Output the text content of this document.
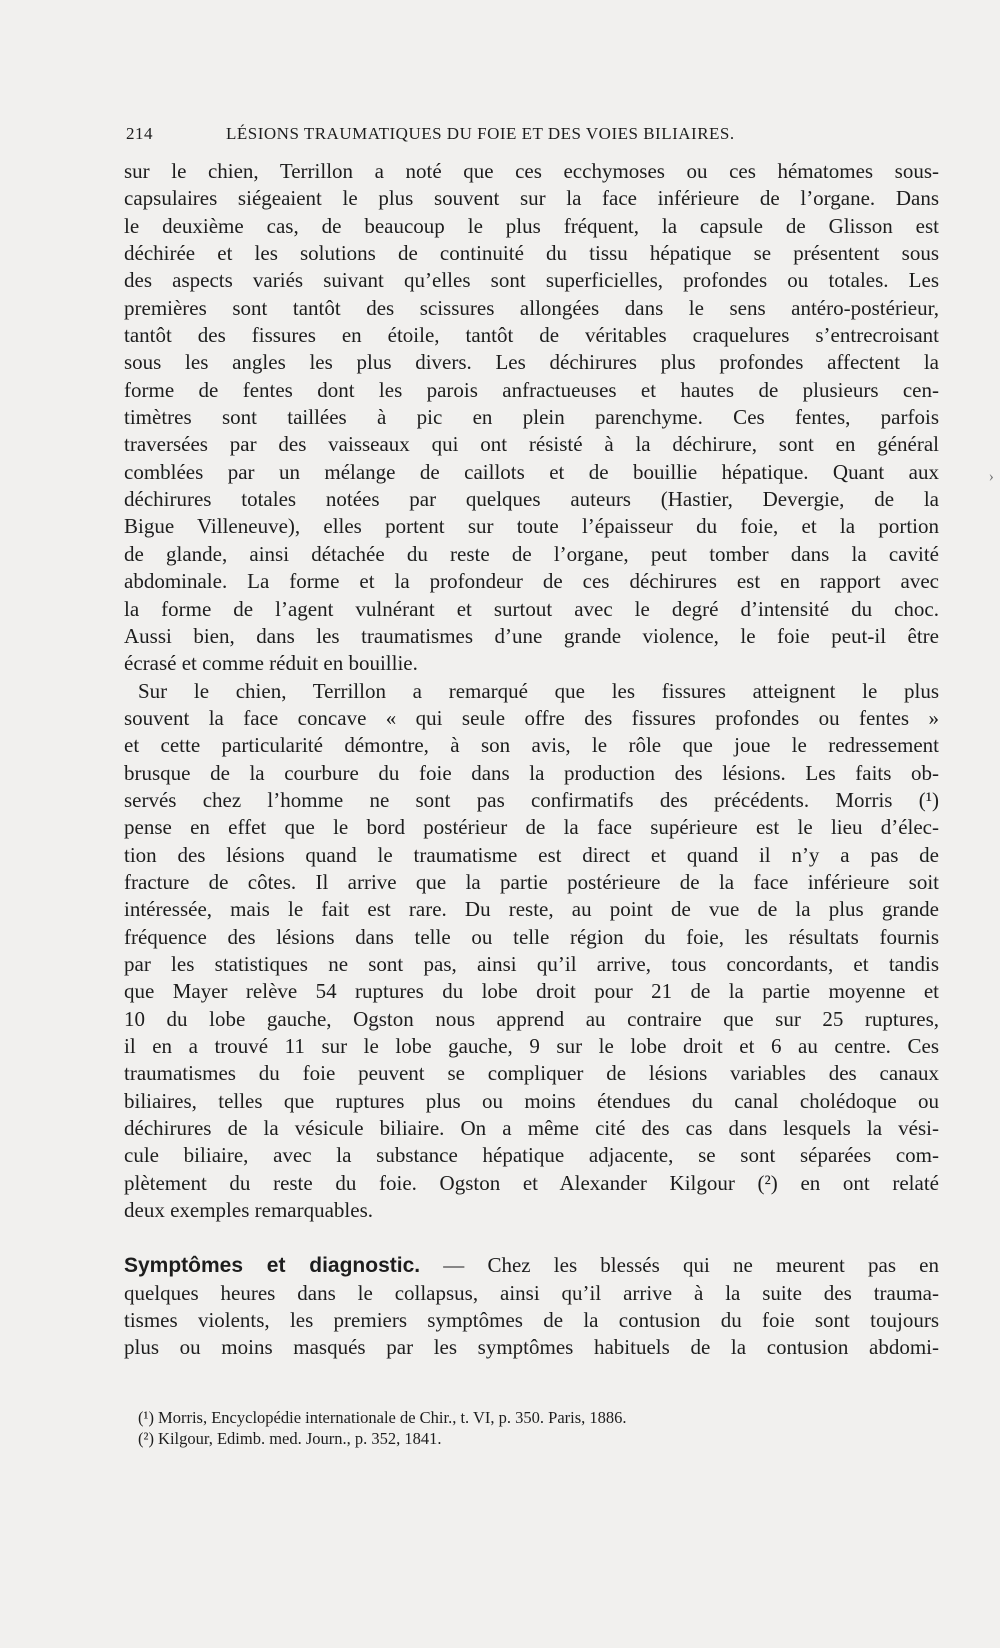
214	LÉSIONS TRAUMATIQUES DU FOIE ET DES VOIES BILIAIRES.
sur le chien, Terrillon a noté que ces ecchymoses ou ces hématomes sous-
capsulaires siégeaient le plus souvent sur la face inférieure de l’organe. Dans
le deuxième cas, de beaucoup le plus fréquent, la capsule de Glisson est
déchirée et les solutions de continuité du tissu hépatique se présentent sous
des aspects variés suivant qu’elles sont superficielles, profondes ou totales. Les
premières sont tantôt des scissures allongées dans le sens antéro-postérieur,
tantôt des fissures en étoile, tantôt de véritables craquelures s’entrecroisant
sous les angles les plus divers. Les déchirures plus profondes affectent la
forme de fentes dont les parois anfractueuses et hautes de plusieurs cen-
timètres sont taillées à pic en plein parenchyme. Ces fentes, parfois
traversées par des vaisseaux qui ont résisté à la déchirure, sont en général
comblées par un mélange de caillots et de bouillie hépatique. Quant aux
déchirures totales notées par quelques auteurs (Hastier, Devergie, de la
Bigue Villeneuve), elles portent sur toute l’épaisseur du foie, et la portion
de glande, ainsi détachée du reste de l’organe, peut tomber dans la cavité
abdominale. La forme et la profondeur de ces déchirures est en rapport avec
la forme de l’agent vulnérant et surtout avec le degré d’intensité du choc.
Aussi bien, dans les traumatismes d’une grande violence, le foie peut-il être
écrasé et comme réduit en bouillie.
Sur le chien, Terrillon a remarqué que les fissures atteignent le plus
souvent la face concave « qui seule offre des fissures profondes ou fentes »
et cette particularité démontre, à son avis, le rôle que joue le redressement
brusque de la courbure du foie dans la production des lésions. Les faits ob-
servés chez l’homme ne sont pas confirmatifs des précédents. Morris (¹)
pense en effet que le bord postérieur de la face supérieure est le lieu d’élec-
tion des lésions quand le traumatisme est direct et quand il n’y a pas de
fracture de côtes. Il arrive que la partie postérieure de la face inférieure soit
intéressée, mais le fait est rare. Du reste, au point de vue de la plus grande
fréquence des lésions dans telle ou telle région du foie, les résultats fournis
par les statistiques ne sont pas, ainsi qu’il arrive, tous concordants, et tandis
que Mayer relève 54 ruptures du lobe droit pour 21 de la partie moyenne et
10 du lobe gauche, Ogston nous apprend au contraire que sur 25 ruptures,
il en a trouvé 11 sur le lobe gauche, 9 sur le lobe droit et 6 au centre. Ces
traumatismes du foie peuvent se compliquer de lésions variables des canaux
biliaires, telles que ruptures plus ou moins étendues du canal cholédoque ou
déchirures de la vésicule biliaire. On a même cité des cas dans lesquels la vési-
cule biliaire, avec la substance hépatique adjacente, se sont séparées com-
plètement du reste du foie. Ogston et Alexander Kilgour (²) en ont relaté
deux exemples remarquables.
Symptômes et diagnostic. — Chez les blessés qui ne meurent pas en
quelques heures dans le collapsus, ainsi qu’il arrive à la suite des trauma-
tismes violents, les premiers symptômes de la contusion du foie sont toujours
plus ou moins masqués par les symptômes habituels de la contusion abdomi-
(¹) Morris, Encyclopédie internationale de Chir., t. VI, p. 350. Paris, 1886.
(²) Kilgour, Edimb. med. Journ., p. 352, 1841.
›
